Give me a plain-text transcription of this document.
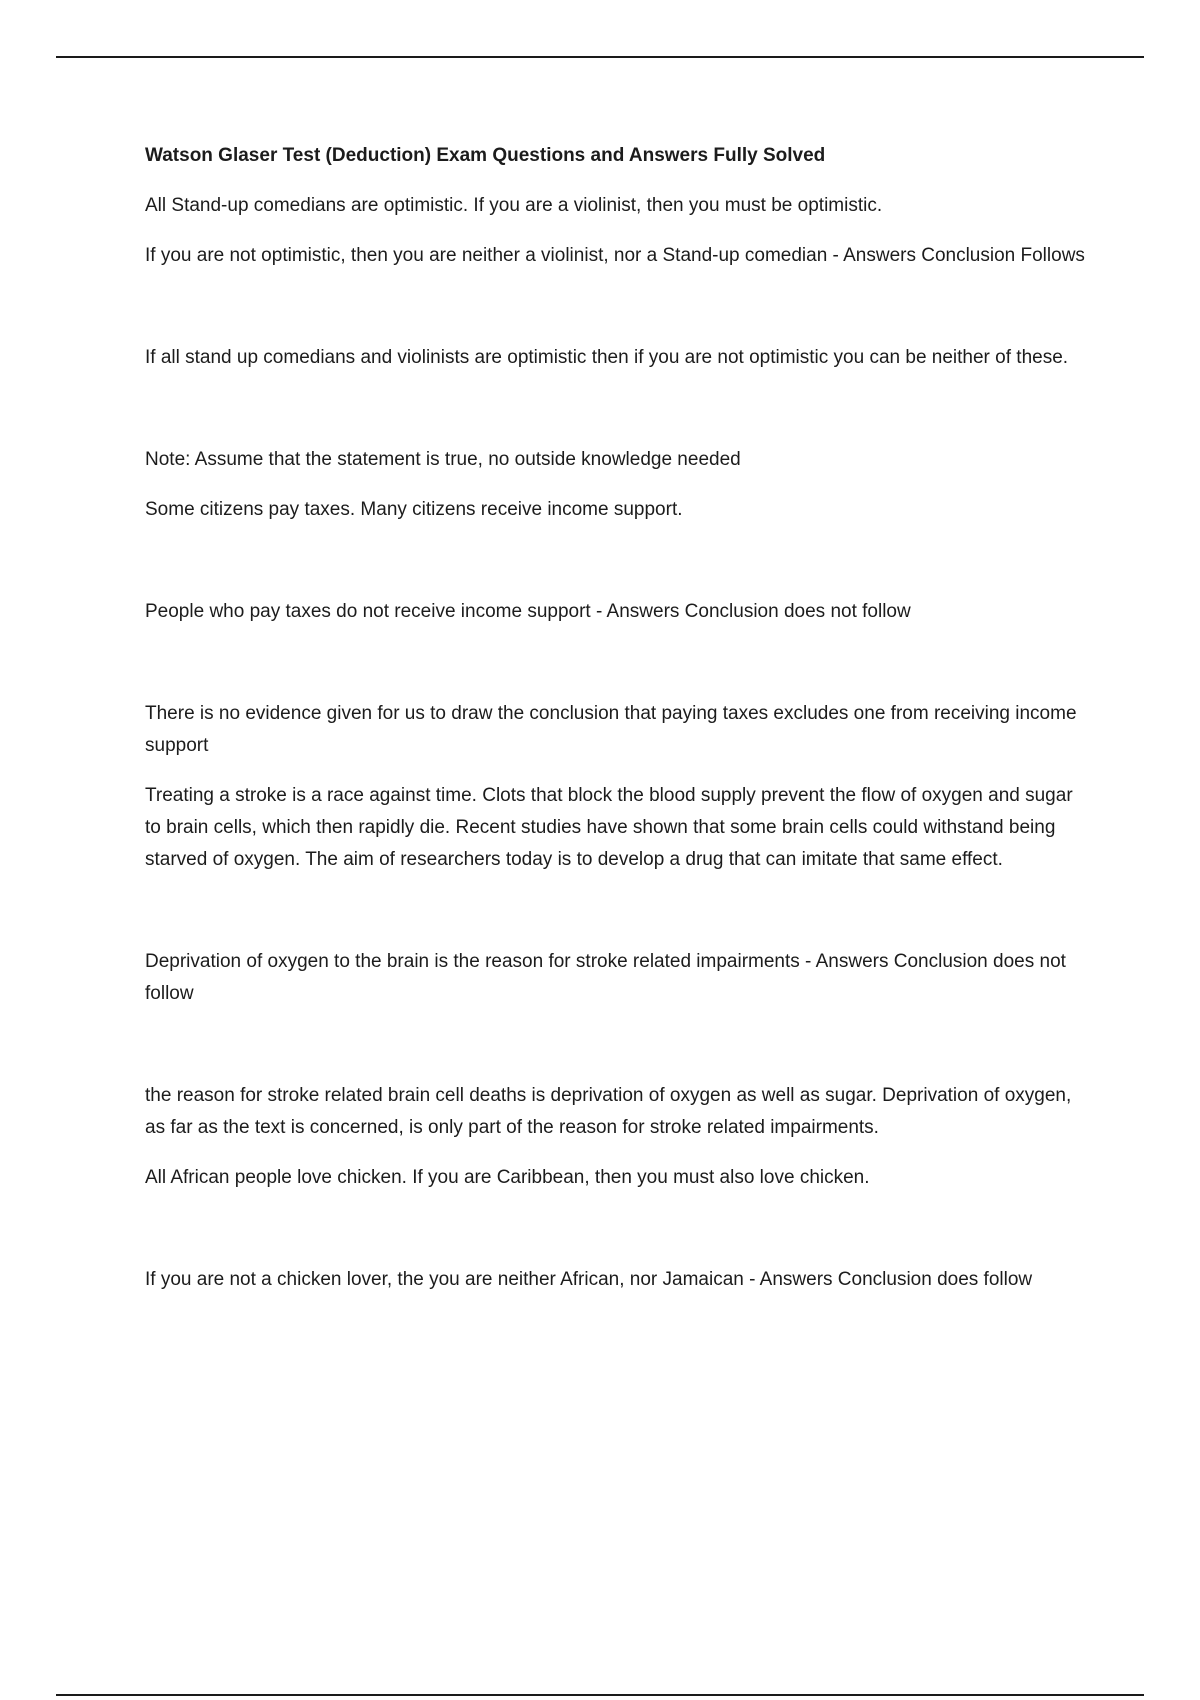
Watson Glaser Test (Deduction) Exam Questions and Answers Fully Solved

All Stand-up comedians are optimistic. If you are a violinist, then you must be optimistic.

If you are not optimistic, then you are neither a violinist, nor a Stand-up comedian - Answers Conclusion Follows

If all stand up comedians and violinists are optimistic then if you are not optimistic you can be neither of these.

Note: Assume that the statement is true, no outside knowledge needed

Some citizens pay taxes. Many citizens receive income support.

People who pay taxes do not receive income support - Answers Conclusion does not follow

There is no evidence given for us to draw the conclusion that paying taxes excludes one from receiving income support

Treating a stroke is a race against time. Clots that block the blood supply prevent the flow of oxygen and sugar to brain cells, which then rapidly die. Recent studies have shown that some brain cells could withstand being starved of oxygen. The aim of researchers today is to develop a drug that can imitate that same effect.

Deprivation of oxygen to the brain is the reason for stroke related impairments - Answers Conclusion does not follow

the reason for stroke related brain cell deaths is deprivation of oxygen as well as sugar. Deprivation of oxygen, as far as the text is concerned, is only part of the reason for stroke related impairments.

All African people love chicken. If you are Caribbean, then you must also love chicken.

If you are not a chicken lover, the you are neither African, nor Jamaican - Answers Conclusion does follow
